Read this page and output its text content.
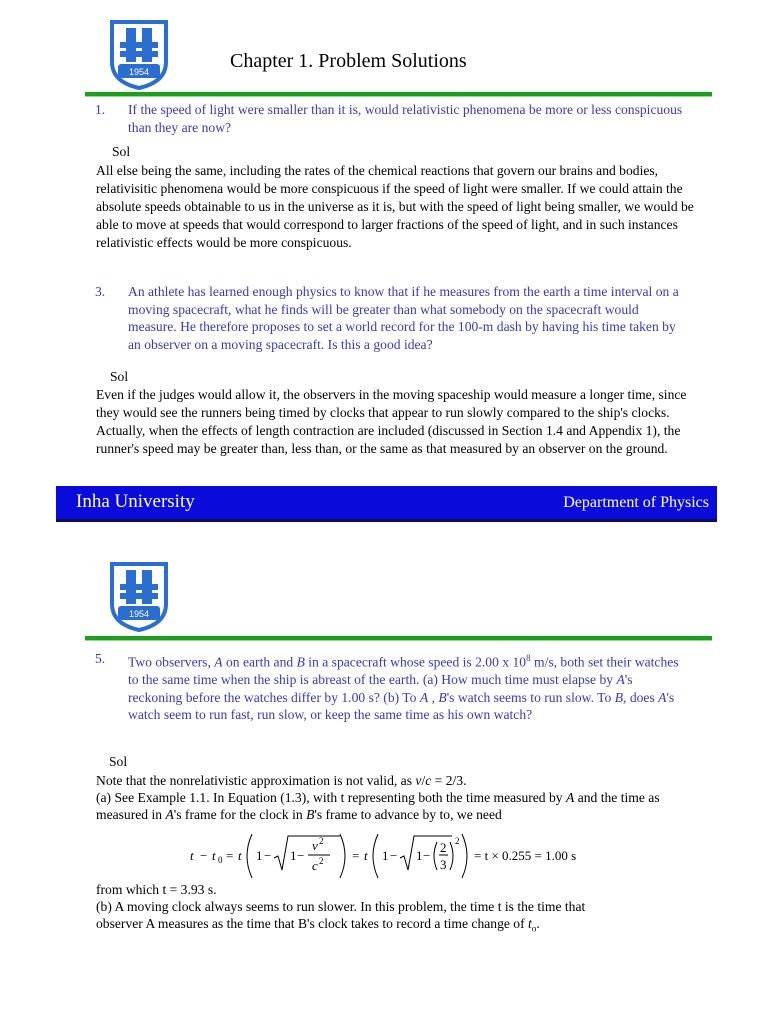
1954	Chapter 1. Problem Solutions
1. If the speed of light were smaller than it is, would relativistic phenomena be more or less conspicuous than they are now?
Sol
All else being the same, including the rates of the chemical reactions that govern our brains and bodies, relativisitic phenomena would be more conspicuous if the speed of light were smaller. If we could attain the absolute speeds obtainable to us in the universe as it is, but with the speed of light being smaller, we would be able to move at speeds that would correspond to larger fractions of the speed of light, and in such instances relativistic effects would be more conspicuous.
3. An athlete has learned enough physics to know that if he measures from the earth a time interval on a moving spacecraft, what he finds will be greater than what somebody on the spacecraft would measure. He therefore proposes to set a world record for the 100-m dash by having his time taken by an observer on a moving spacecraft. Is this a good idea?
Sol
Even if the judges would allow it, the observers in the moving spaceship would measure a longer time, since they would see the runners being timed by clocks that appear to run slowly compared to the ship's clocks. Actually, when the effects of length contraction are included (discussed in Section 1.4 and Appendix 1), the runner's speed may be greater than, less than, or the same as that measured by an observer on the ground.
Inha University	Department of Physics
1954
5. Two observers, A on earth and B in a spacecraft whose speed is 2.00 x $10^8$ m/s, both set their watches to the same time when the ship is abreast of the earth. (a) How much time must elapse by A's reckoning before the watches differ by 1.00 s? (b) To A , B's watch seems to run slow. To B, does A's watch seem to run fast, run slow, or keep the same time as his own watch?
Sol
Note that the nonrelativistic approximation is not valid, as v/c = 2/3.
(a) See Example 1.1. In Equation (1.3), with t representing both the time measured by A and the time as measured in A's frame for the clock in B's frame to advance by to, we need
t − t 0 = t 1 − 1 −
v 2
c 2 = t 1 − 1 −
2
3
2
= t × 0.255 = 1.00 s
from which t = 3.93 s.
(b) A moving clock always seems to run slower. In this problem, the time t is the time that
observer A measures as the time that B's clock takes to record a time change of $t_o$.
